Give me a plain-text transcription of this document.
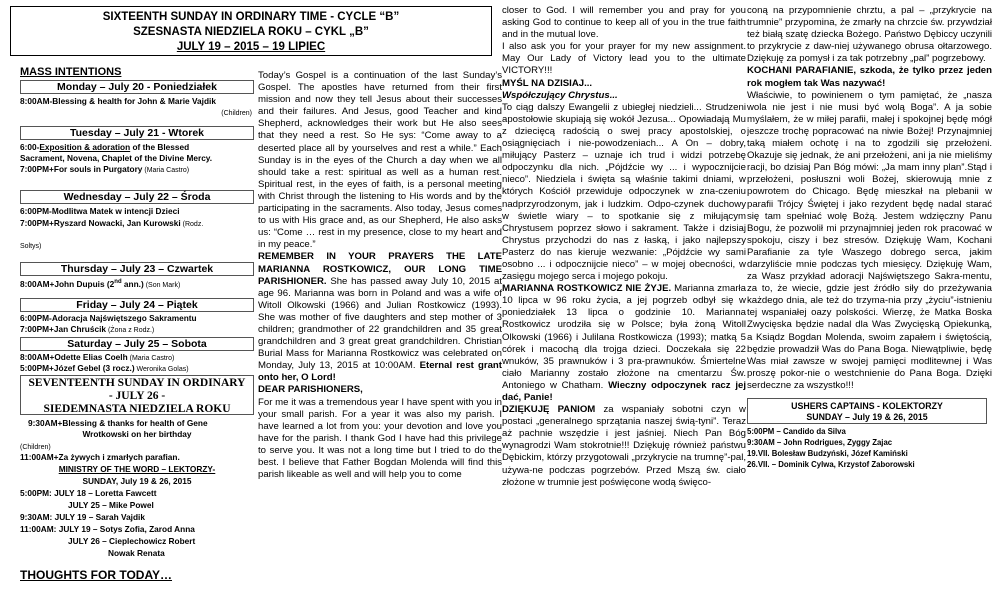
SIXTEENTH SUNDAY IN ORDINARY TIME - CYCLE “B”
SZESNASTA NIEDZIELA ROKU – CYKL „B”
JULY 19 – 2015 – 19 LIPIEC
MASS INTENTIONS
Monday – July 20 - Poniedziałek
8:00AM-Blessing & health for John & Marie Vajdik
(Children)
Tuesday – July 21 - Wtorek
6:00-Exposition & adoration of the Blessed
Sacrament, Novena, Chaplet of the Divine Mercy.
7:00PM+For souls in Purgatory (Maria Castro)
Wednesday – July 22 – Środa
6:00PM-Modlitwa Matek w intencji Dzieci
7:00PM+Ryszard Nowacki, Jan Kurowski (Rodz.
Soltys)
Thursday – July 23 – Czwartek
8:00AM+John Dupuis (2nd ann.) (Son Mark)
Friday – July 24 – Piątek
6:00PM-Adoracja Najświętszego Sakramentu
7:00PM+Jan Chruścik (Żona z Rodz.)
Saturday – July 25 – Sobota
8:00AM+Odette Elias Coelh (Maria Castro)
5:00PM+Józef Gebel (3 rocz.) Weronika Golas)
SEVENTEENTH SUNDAY IN ORDINARY
- JULY 26 -
SIEDEMNASTA NIEDZIELA ROKU
9:30AM+Blessing & thanks for health of Gene
Wrotkowski on her birthday
(Children)
11:00AM+Za żywych i zmarłych parafian.
MINISTRY OF THE WORD – LEKTORZY-
SUNDAY, July 19 & 26, 2015
5:00PM: JULY 18 – Loretta Fawcett
JULY 25 – Mike Powel
9:30AM: JULY 19 – Sarah Vajdik
11:00AM: JULY 19 – Sotys Zofia, Zarod Anna
JULY 26 – Cieplechowicz Robert
Nowak Renata
THOUGHTS FOR TODAY…

Today’s Gospel is a continuation of the last Sunday’s Gospel. The apostles have returned from their first mission and now they tell Jesus about their successes and their failures. And Jesus, good Teacher and kind Shepherd, acknowledges their work but He also sees that they need a rest. So He sys: “Come away to a deserted place all by yourselves and rest a while.” Each Sunday is in the eyes of the Church a day when we all should take a rest: spiritual as well as a human rest. Spiritual rest, in the eyes of faith, is a personal meeting with Christ through the listening to His words and by the participating in the sacraments. Also today, Jesus comes to us with His grace and, as our Shepherd, He also asks us: “Come … rest in my presence, close to my heart and in my peace.”

REMEMBER IN YOUR PRAYERS THE LATE MARIANNA ROSTKOWICZ, OUR LONG TIME PARISHIONER. She has passed away July 10, 2015 at age 96. Marianna was born in Poland and was a wife of Witoll Olkowski (1966) and Julian Rostkowicz (1993). She was mother of five daughters and step mother of 3 children; grandmother of 22 grandchildren and 35 great grandchildren and 3 great great grandchildren. Christian Burial Mass for Marianna Rostkowicz was celebrated on Monday, July 13, 2015 at 10:00AM. Eternal rest grant onto her, O Lord!

DEAR PARISHIONERS,

For me it was a tremendous year I have spent with you in your small parish. For a year it was also my parish. I have learned a lot from you: your devotion and love you have for the parish. I thank God I have had this privilege to serve you. It was not a long time but I tried to do the best. I believe that Father Bogdan Molenda will find this parish likeable as well and will help you to come

closer to God. I will remember you and pray for you asking God to continue to keep all of you in the true faith and in the mutual love.

I also ask you for your prayer for my new assignment. May Our Lady of Victory lead you to the ultimate VICTORY!!!

MYŚL NA DZISIAJ...

Współczujący Chrystus...

To ciąg dalszy Ewangelii z ubiegłej niedzieli... Strudzeni apostołowie skupiają się wokół Jezusa... Opowiadają Mu z dziecięcą radością o swej pracy apostolskiej, o osiągnięciach i nie-powodzeniach... A On – dobry, miłujący Pasterz – uznaje ich trud i widzi potrzebę odpoczynku dla nich. „Pójdźcie wy ... i wypocznijcie nieco”. Niedziela i święta są właśnie takimi dniami, w których Kościół przewiduje odpoczynek w zna-czeniu nadprzyrodzonym, jak i ludzkim. Odpo-czynek duchowy w świetle wiary – to spotkanie się z miłującym Chrystusem poprzez słowo i sakrament. Także i dzisiaj Chrystus przychodzi do nas z łaską, i jako najlepszy Pasterz do nas kieruje wezwanie: „Pójdźcie wy sami osobno ... i odpocznijcie nieco” – w mojej obecności, w zasięgu mojego serca i mojego pokoju.

MARIANNA ROSTKOWICZ NIE ŻYJE. Marianna zmarła 10 lipca w 96 roku życia, a jej pogrzeb odbył się w poniedziałek 13 lipca o godzinie 10. Marianna Rostkowicz urodziła się w Polsce; była żoną Witoll Olkowski (1966) i Julilana Rostkowicza (1993); matką 5 córek i macochą dla trojga dzieci. Doczekała się 22 wnuków, 35 prawnuków i 3 pra-prawnuków. Śmiertelne ciało Marianny zostało złożone na cmentarzu Św. Antoniego w Chatham. Wieczny odpoczynek racz jej dać, Panie!

DZIĘKUJĘ PANIOM za wspaniały sobotni czyn w postaci „generalnego sprzątania naszej świą-tyni”. Teraz aż pachnie wszędzie i jest jaśniej. Niech Pan Bóg wynagrodzi Wam stokrotnie!!! Dziękuję również państwu Dębickim, którzy przygotowali „przykrycie na trumnę”-pal, używa-ne podczas pogrzebów. Przed Mszą św. ciało złożone w trumnie jest poświęcone wodą święco-

coną na przypomnienie chrztu, a pal – „przykrycie na trumnie” przypomina, że zmarły na chrzcie św. przywdział też białą szatę dziecka Bożego. Państwo Dębiccy uczynili to przykrycie z daw-niej używanego obrusa ołtarzowego. Dziękuję za pomysł i za tak potrzebny „pal” pogrzebowy.

KOCHANI PARAFIANIE, szkoda, że tylko przez jeden rok mogłem tak Was nazywać!

Właściwie, to powinienem o tym pamiętać, że „nasza wola nie jest i nie musi być wolą Boga”. A ja sobie myślałem, że w miłej parafii, małej i spokojnej będę mógł jeszcze trochę popracować na niwie Bożej! Przynajmniej taką miałem ochotę i na to zgodzili się przełożeni. Okazuje się jednak, że ani przełożeni, ani ja nie mieliśmy racji, bo dzisiaj Pan Bóg mówi: „Ja mam inny plan”.Stąd i przełożeni, posłuszni woli Bożej, skierowują mnie z powrotem do Chicago. Będę mieszkał na plebanii w parafii Trójcy Świętej i jako rezydent będę nadal starać się tam spełniać wolę Bożą. Jestem wdzięczny Panu Bogu, że pozwolił mi przynajmniej jeden rok pracować w spokoju, ciszy i bez stresów. Dziękuję Wam, Kochani Parafianie za tyle Waszego dobrego serca, jakim darzyliście mnie podczas tych miesięcy. Dziękuję Wam, za Wasz przykład adoracji Najświętszego Sakra-mentu, za to, że wiecie, gdzie jest źródło siły do przeżywania każdego dnia, ale też do trzyma-nia przy „życiu”-istnieniu tej wspaniałej oazy polskości. Wierzę, że Matka Boska Zwycięska będzie nadal dla Was Zwycięską Opiekunką, a Ksiądz Bogdan Molenda, swoim zapałem i świętością, będzie prowadził Was do Pana Boga. Niewątpliwie, będę Was miał zawsze w swojej pamięci modlitewnej i Was proszę pokor-nie o westchnienie do Pana Boga. Dzięki serdeczne za wszystko!!!

USHERS CAPTAINS - KOLEKTORZY
SUNDAY – July 19 & 26, 2015
5:00PM – Candido da Silva
9:30AM – John Rodrigues, Zyggy Zajac
19.VII. Bolesław Budzyński, Józef Kamiński
26.VII. – Dominik Cylwa, Krzystof Zaborowski
